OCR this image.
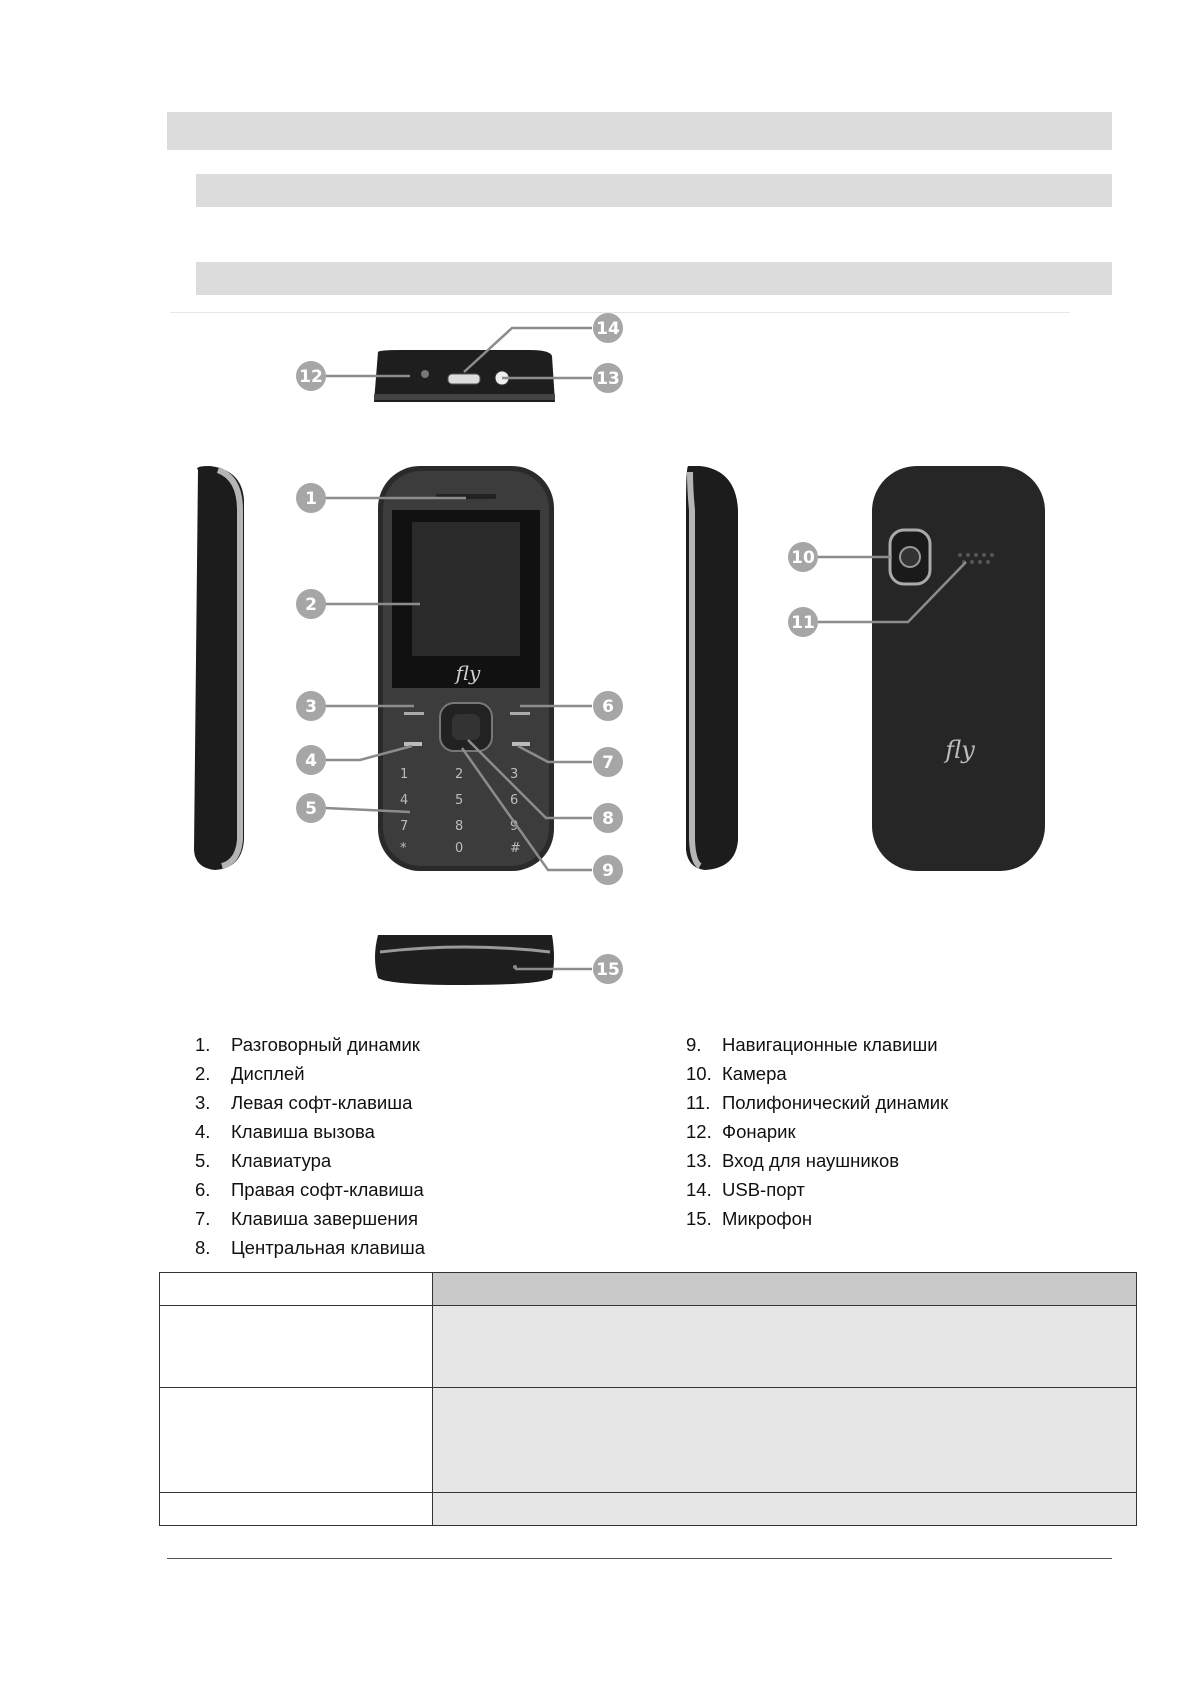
fly
1	2	3
4	5	6
7	8	9
*	0	#
fly
12
14
13
1
2
3
4
5
6
7
8
9
15
10
11
1. Разговорный динамик
2. Дисплей
3. Левая софт-клавиша
4. Клавиша вызова
5. Клавиатура
6. Правая софт-клавиша
7. Клавиша завершения
8. Центральная клавиша
9. Навигационные клавиши
10. Камера
11. Полифонический динамик
12. Фонарик
13. Вход для наушников
14. USB-порт
15. Микрофон
